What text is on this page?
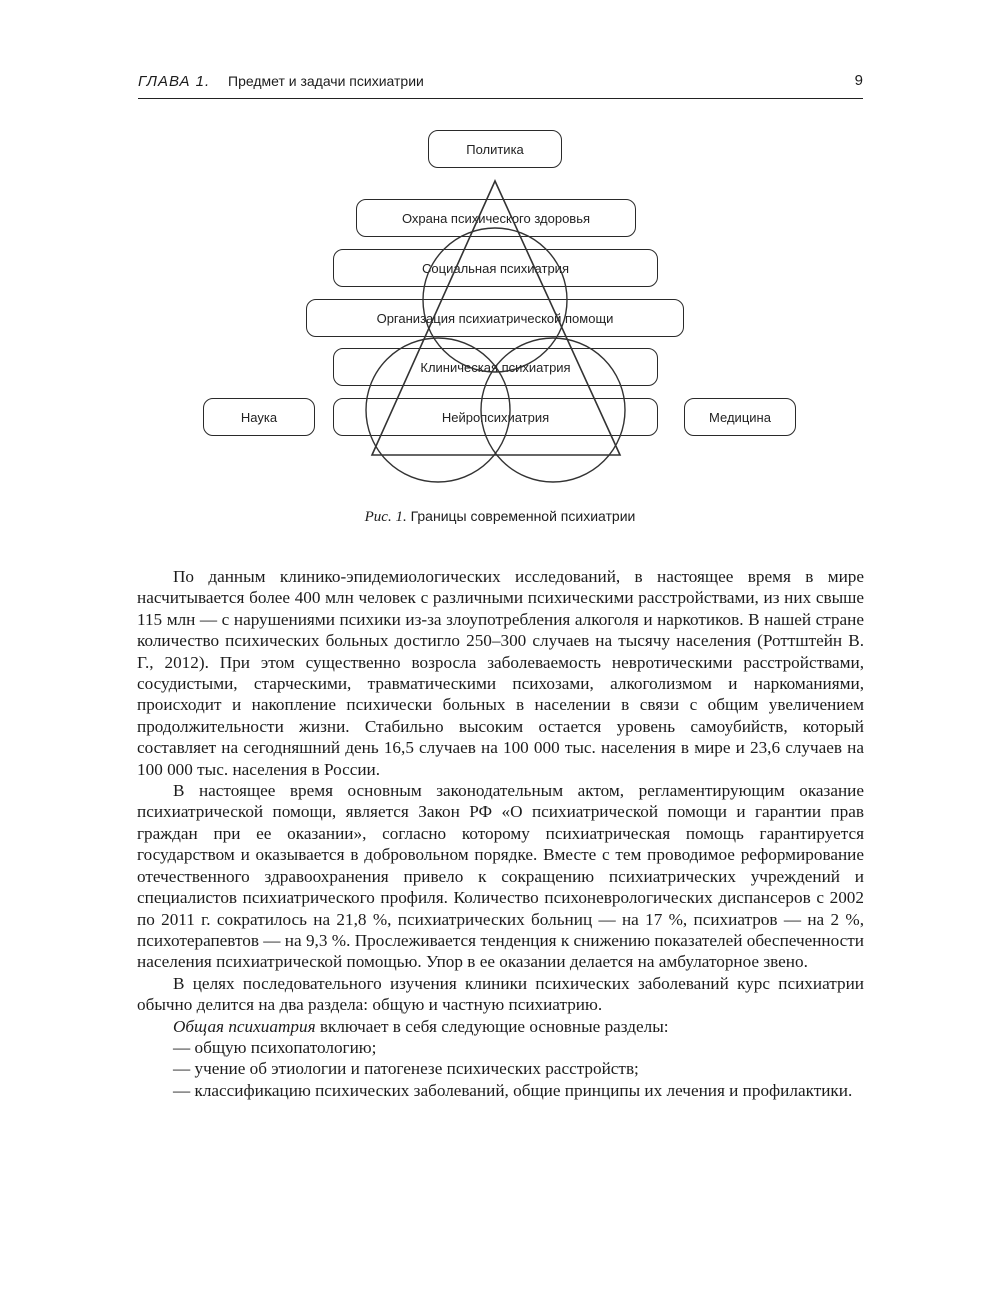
ГЛАВА 1. Предмет и задачи психиатрии	9
Политика
Охрана психического здоровья
Социальная психиатрия
Организация психиатрической помощи
Клиническая психиатрия
Нейропсихиатрия
Наука	Медицина
Рис. 1. Границы современной психиатрии

По данным клинико-эпидемиологических исследований, в настоящее время в мире насчитывается более 400 млн человек с различными психическими расстройствами, из них свыше 115 млн — с нарушениями психики из-за злоупотребления алкоголя и наркотиков. В нашей стране количество психических больных достигло 250–300 случаев на тысячу населения (Роттштейн В. Г., 2012). При этом существенно возросла заболеваемость невротическими расстройствами, сосудистыми, старческими, травматическими психозами, алкоголизмом и наркоманиями, происходит и накопление психически больных в населении в связи с общим увеличением продолжительности жизни. Стабильно высоким остается уровень самоубийств, который составляет на сегодняшний день 16,5 случаев на 100 000 тыс. населения в мире и 23,6 случаев на 100 000 тыс. населения в России.

В настоящее время основным законодательным актом, регламентирующим оказание психиатрической помощи, является Закон РФ «О психиатрической помощи и гарантии прав граждан при ее оказании», согласно которому психиатрическая помощь гарантируется государством и оказывается в добровольном порядке. Вместе с тем проводимое реформирование отечественного здравоохранения привело к сокращению психиатрических учреждений и специалистов психиатрического профиля. Количество психоневрологических диспансеров с 2002 по 2011 г. сократилось на 21,8 %, психиатрических больниц — на 17 %, психиатров — на 2 %, психотерапевтов — на 9,3 %. Прослеживается тенденция к снижению показателей обеспеченности населения психиатрической помощью. Упор в ее оказании делается на амбулаторное звено.

В целях последовательного изучения клиники психических заболеваний курс психиатрии обычно делится на два раздела: общую и частную психиатрию.

Общая психиатрия включает в себя следующие основные разделы:

— общую психопатологию;

— учение об этиологии и патогенезе психических расстройств;

— классификацию психических заболеваний, общие принципы их лечения и профилактики.
